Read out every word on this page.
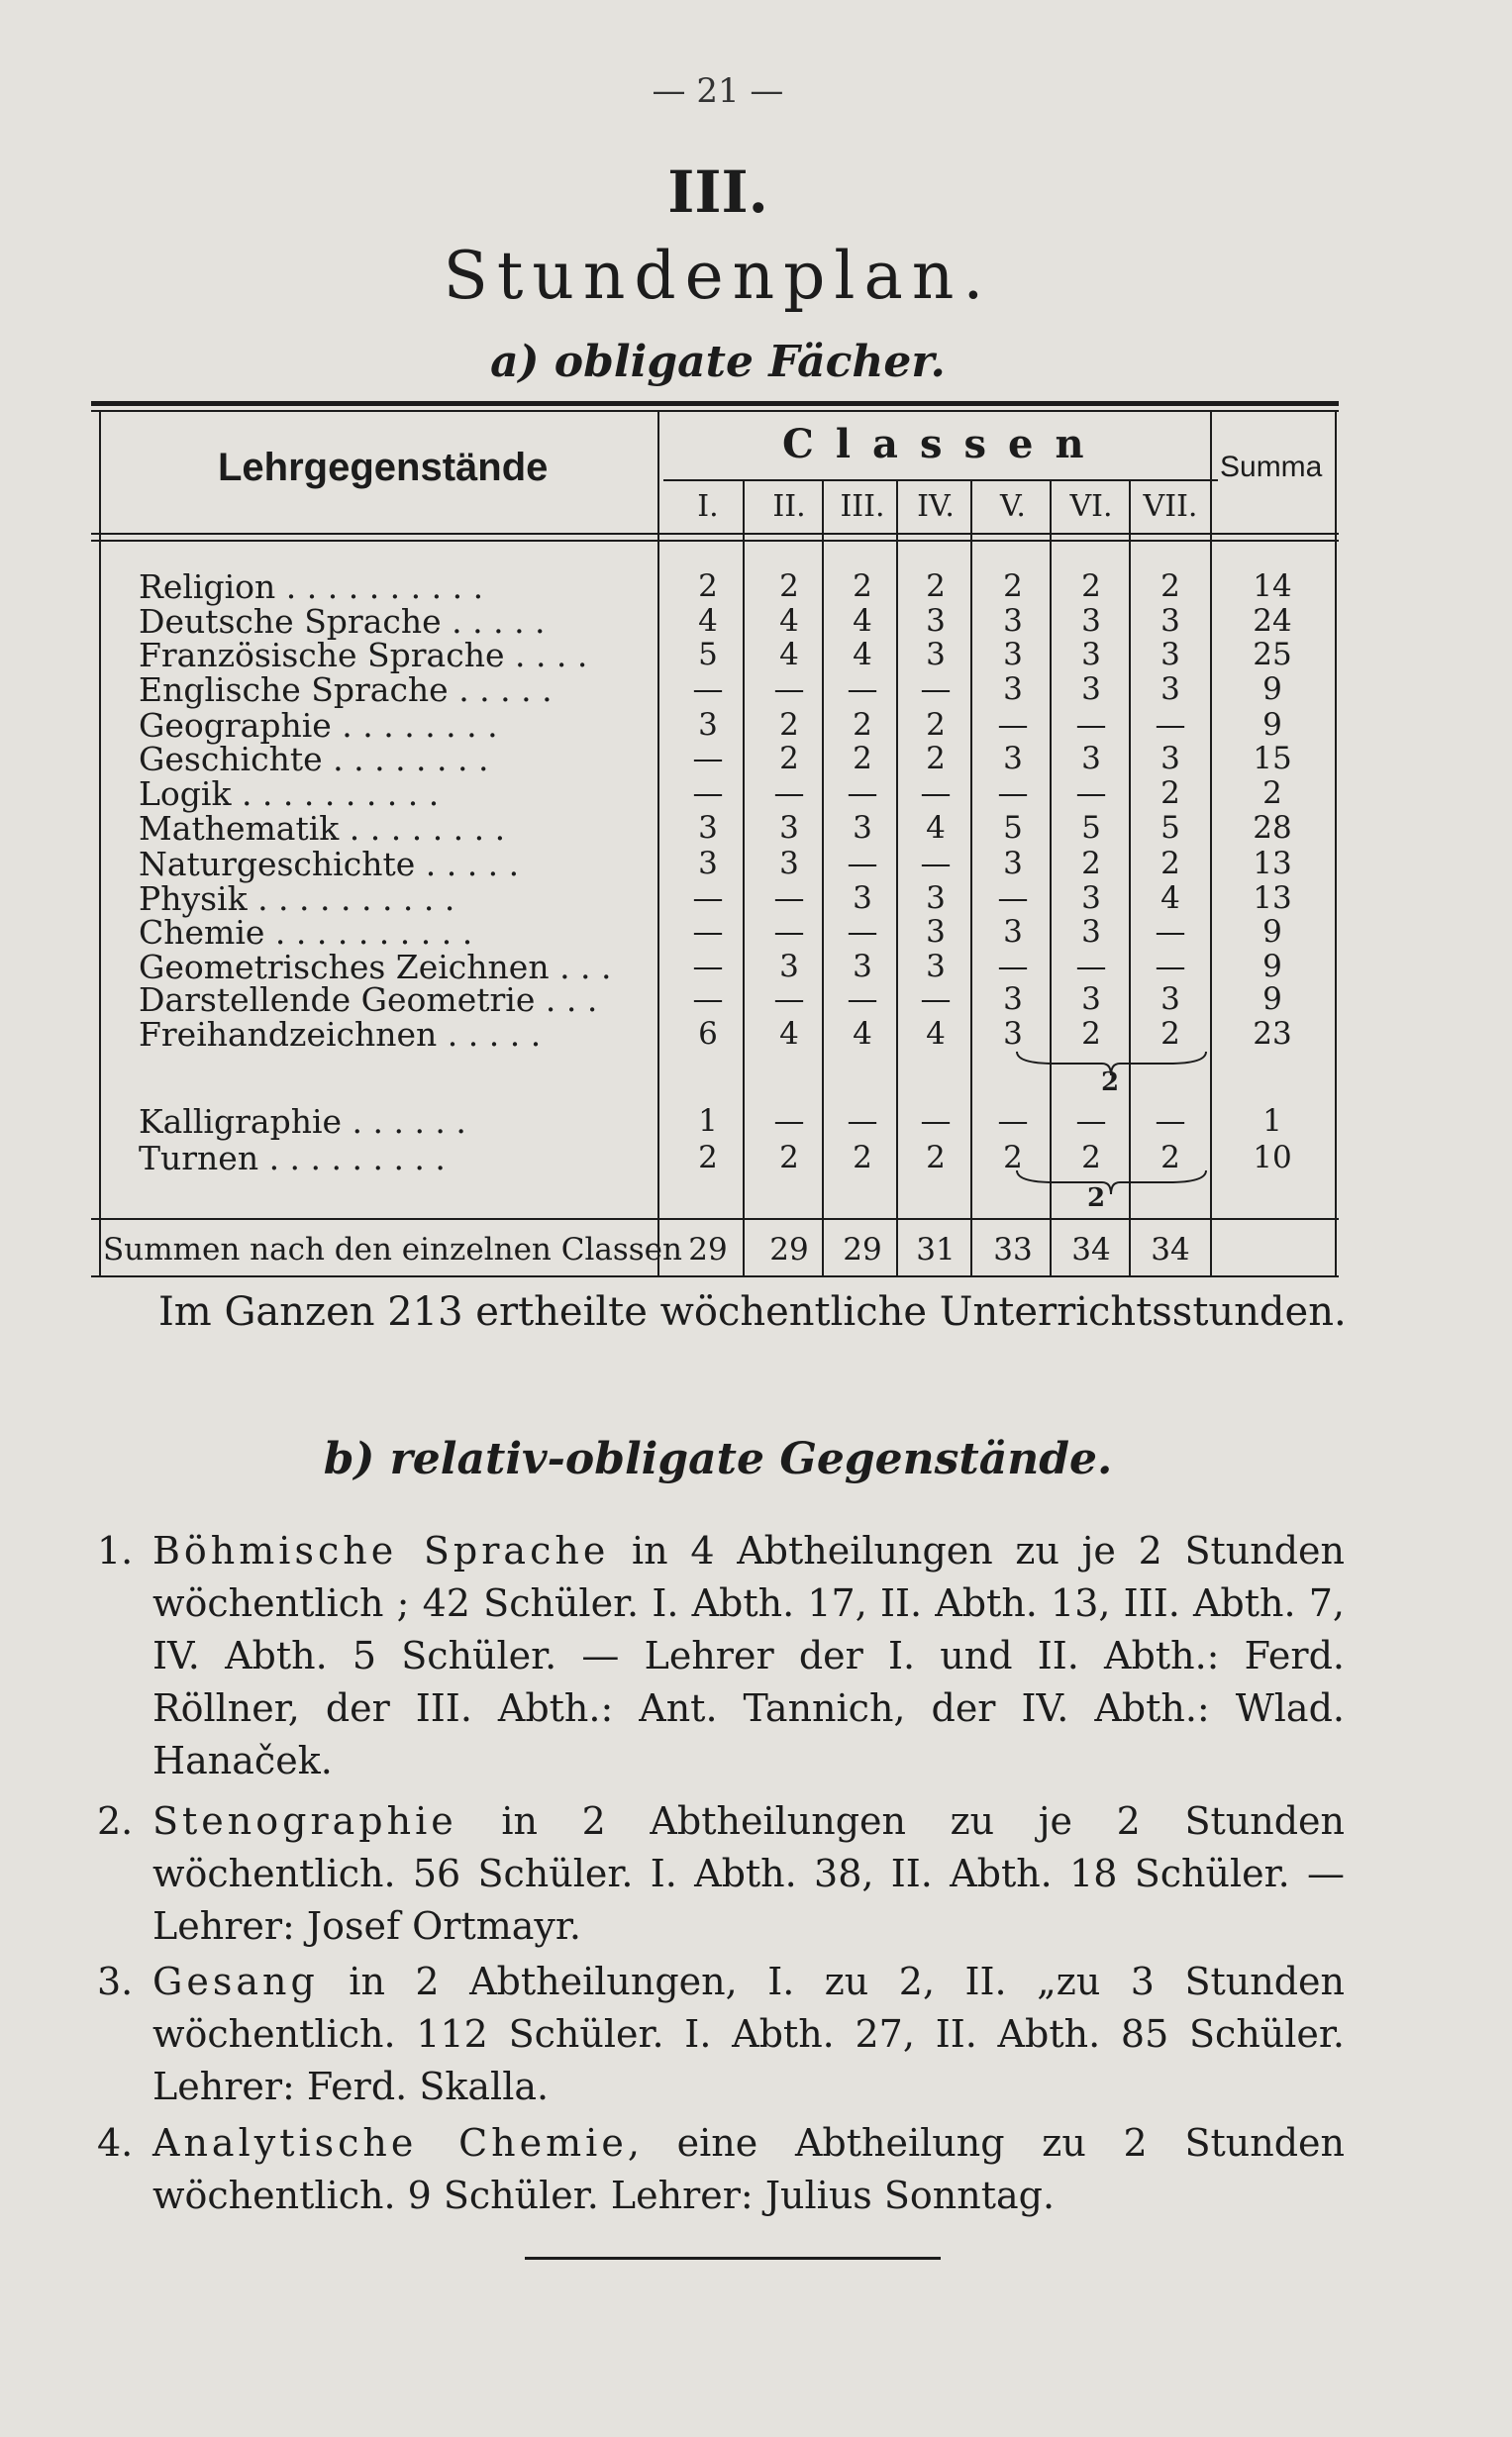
— 21 —
III.
Stundenplan.
a) obligate Fächer.
Lehrgegenstände	Classen	Summa
I.	II.	III.	IV.	V.	VI.	VII.
Religion . . . . . . . . . .	2	2	2	2	2	2	2	14
Deutsche Sprache . . . . .	4	4	4	3	3	3	3	24
Französische Sprache . . . .	5	4	4	3	3	3	3	25
Englische Sprache . . . . .	—	—	—	—	3	3	3	9
Geographie . . . . . . . .	3	2	2	2	—	—	—	9
Geschichte . . . . . . . .	—	2	2	2	3	3	3	15
Logik . . . . . . . . . .	—	—	—	—	—	—	2	2
Mathematik . . . . . . . .	3	3	3	4	5	5	5	28
Naturgeschichte . . . . .	3	3	—	—	3	2	2	13
Physik . . . . . . . . . .	—	—	3	3	—	3	4	13
Chemie . . . . . . . . . .	—	—	—	3	3	3	—	9
Geometrisches Zeichnen . . .	—	3	3	3	—	—	—	9
Darstellende Geometrie . . .	—	—	—	—	3	3	3	9
Freihandzeichnen . . . . .	6	4	4	4	3	2	2	23
Kalligraphie . . . . . .	1	—	—	—	—	—	—	1
Turnen . . . . . . . . .	2	2	2	2	2	2	2	10
2
2
Summen nach den einzelnen Classen 29	29	29	31	33	34	34
Im Ganzen 213 ertheilte wöchentliche Unterrichtsstunden.
b) relativ-obligate Gegenstände.
1. Böhmische Sprache in 4 Abtheilungen zu je 2 Stunden wöchentlich ; 42 Schüler. I. Abth. 17, II. Abth. 13, III. Abth. 7, IV. Abth. 5 Schüler. — Lehrer der I. und II. Abth.: Ferd. Röllner, der III. Abth.: Ant. Tannich, der IV. Abth.: Wlad. Hanaček.
2. Stenographie in 2 Abtheilungen zu je 2 Stunden wöchentlich. 56 Schüler. I. Abth. 38, II. Abth. 18 Schüler. — Lehrer: Josef Ortmayr.
3. Gesang in 2 Abtheilungen, I. zu 2, II. „zu 3 Stunden wöchentlich. 112 Schüler. I. Abth. 27, II. Abth. 85 Schüler. Lehrer: Ferd. Skalla.
4. Analytische Chemie, eine Abtheilung zu 2 Stunden wöchentlich. 9 Schüler. Lehrer: Julius Sonntag.
